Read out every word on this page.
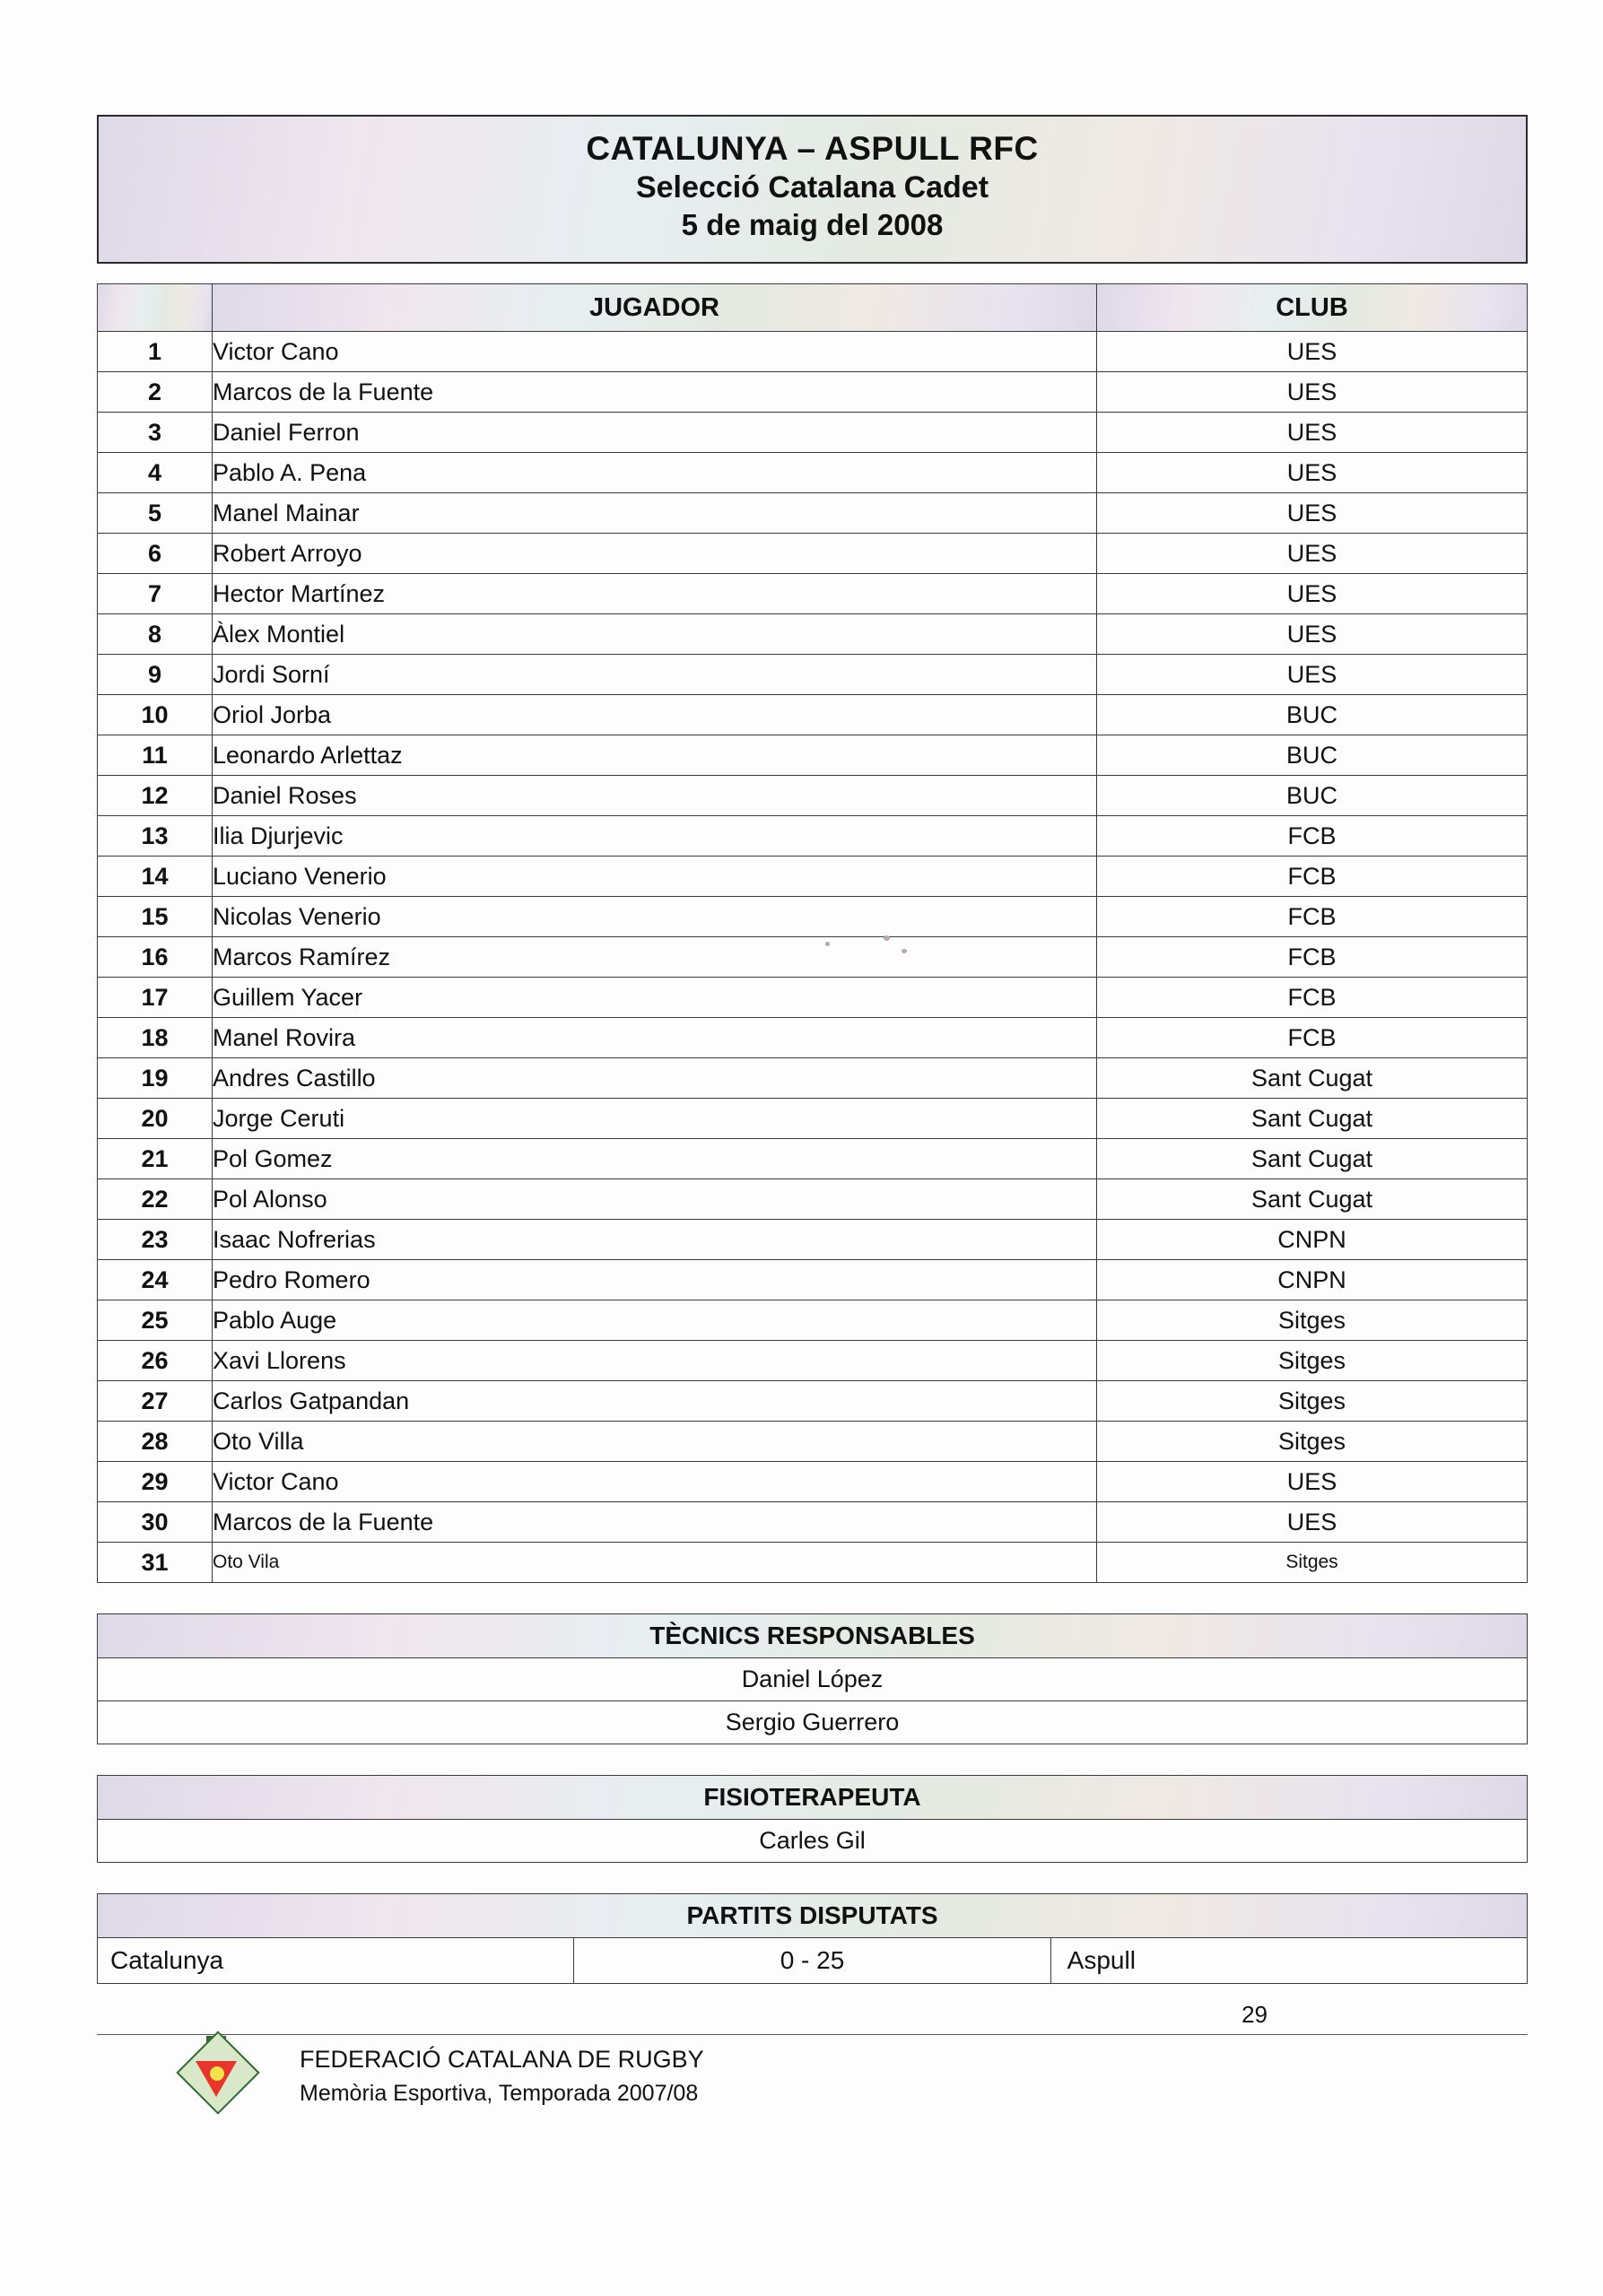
CATALUNYA – ASPULL RFC
Selecció Catalana Cadet
5 de maig del 2008
	JUGADOR	CLUB
1	Victor Cano	UES
2	Marcos de la Fuente	UES
3	Daniel Ferron	UES
4	Pablo A. Pena	UES
5	Manel Mainar	UES
6	Robert Arroyo	UES
7	Hector Martínez	UES
8	Àlex Montiel	UES
9	Jordi Sorní	UES
10	Oriol Jorba	BUC
11	Leonardo Arlettaz	BUC
12	Daniel Roses	BUC
13	Ilia Djurjevic	FCB
14	Luciano Venerio	FCB
15	Nicolas Venerio	FCB
16	Marcos Ramírez	FCB
17	Guillem Yacer	FCB
18	Manel Rovira	FCB
19	Andres Castillo	Sant Cugat
20	Jorge Ceruti	Sant Cugat
21	Pol Gomez	Sant Cugat
22	Pol Alonso	Sant Cugat
23	Isaac Nofrerias	CNPN
24	Pedro Romero	CNPN
25	Pablo Auge	Sitges
26	Xavi Llorens	Sitges
27	Carlos Gatpandan	Sitges
28	Oto Villa	Sitges
29	Victor Cano	UES
30	Marcos de la Fuente	UES
31	Oto Vila	Sitges
TÈCNICS RESPONSABLES
Daniel López
Sergio Guerrero
FISIOTERAPEUTA
Carles Gil
PARTITS DISPUTATS
Catalunya	0 - 25	Aspull
29
FEDERACIÓ CATALANA DE RUGBY
Memòria Esportiva, Temporada 2007/08
